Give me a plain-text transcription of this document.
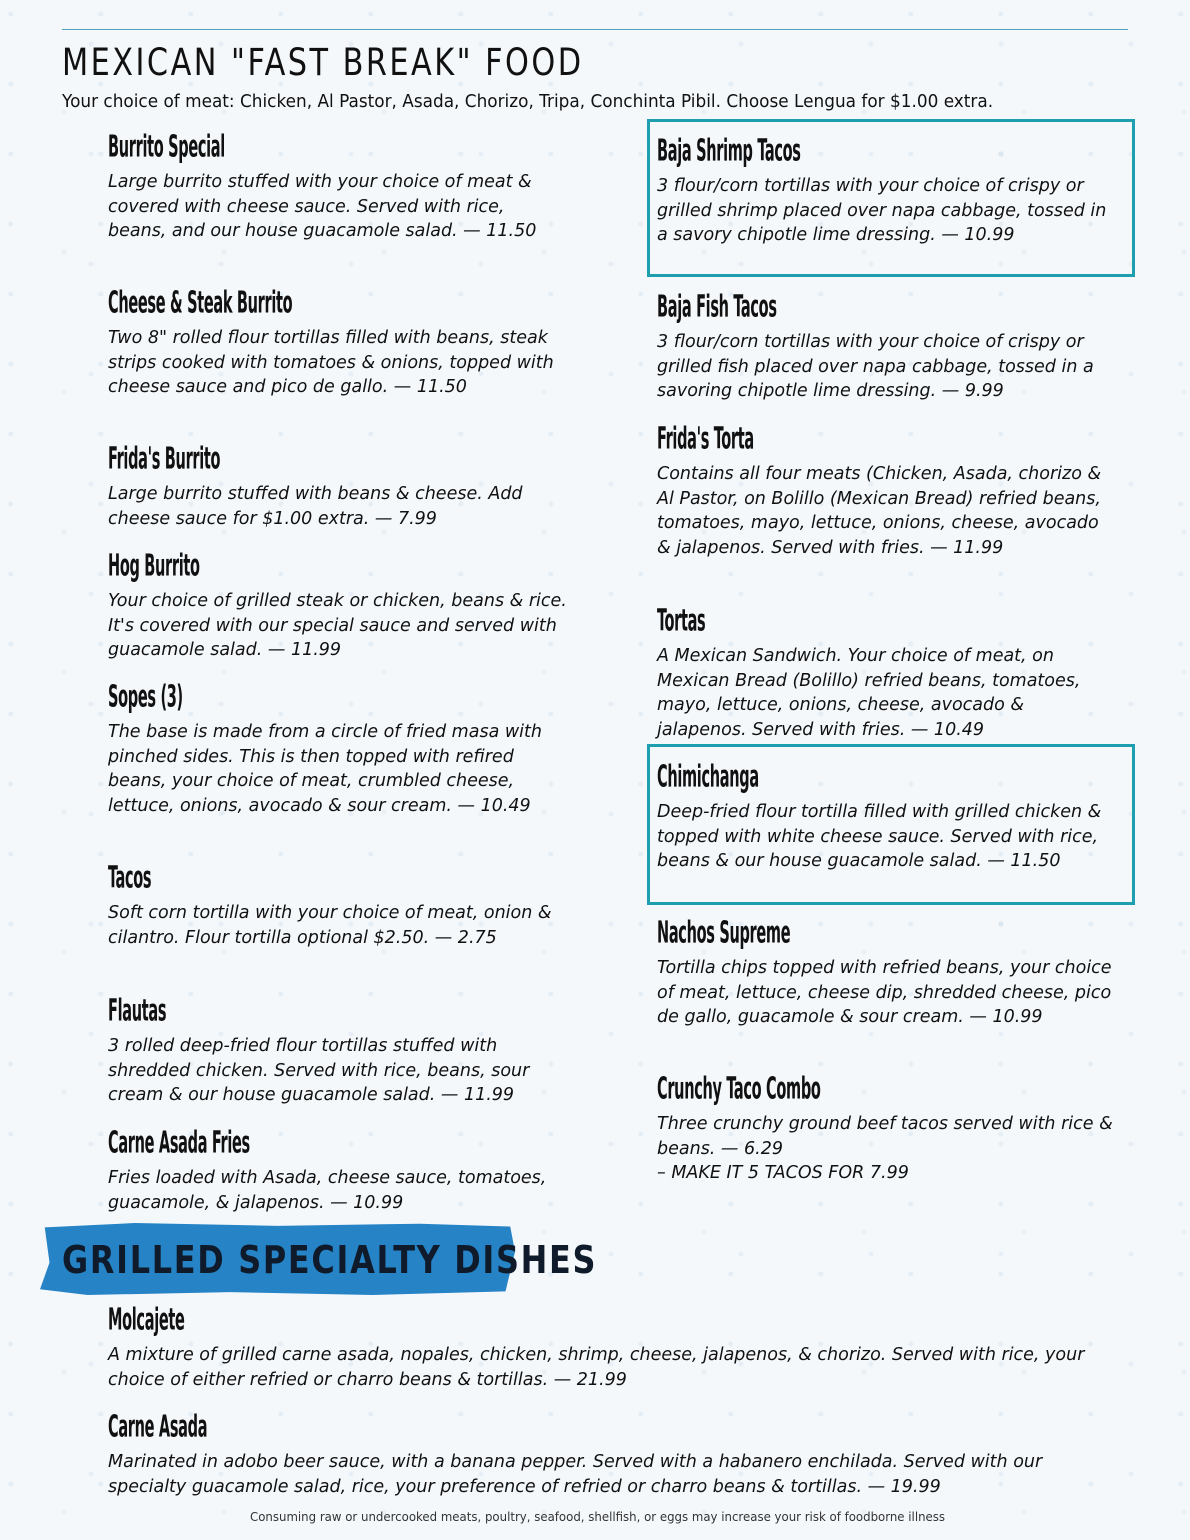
MEXICAN "FAST BREAK" FOOD

Your choice of meat: Chicken, Al Pastor, Asada, Chorizo, Tripa, Conchinta Pibil. Choose Lengua for $1.00 extra.

Burrito Special
Large burrito stuffed with your choice of meat & covered with cheese sauce. Served with rice, beans, and our house guacamole salad. — 11.50
Cheese & Steak Burrito
Two 8" rolled flour tortillas filled with beans, steak strips cooked with tomatoes & onions, topped with cheese sauce and pico de gallo. — 11.50
Frida's Burrito
Large burrito stuffed with beans & cheese. Add cheese sauce for $1.00 extra. — 7.99
Hog Burrito
Your choice of grilled steak or chicken, beans & rice. It's covered with our special sauce and served with guacamole salad. — 11.99
Sopes (3)
The base is made from a circle of fried masa with pinched sides. This is then topped with refired beans, your choice of meat, crumbled cheese, lettuce, onions, avocado & sour cream. — 10.49
Tacos
Soft corn tortilla with your choice of meat, onion & cilantro. Flour tortilla optional $2.50. — 2.75
Flautas
3 rolled deep-fried flour tortillas stuffed with shredded chicken. Served with rice, beans, sour cream & our house guacamole salad. — 11.99
Carne Asada Fries
Fries loaded with Asada, cheese sauce, tomatoes, guacamole, & jalapenos. — 10.99
Baja Shrimp Tacos
3 flour/corn tortillas with your choice of crispy or grilled shrimp placed over napa cabbage, tossed in a savory chipotle lime dressing. — 10.99
Baja Fish Tacos
3 flour/corn tortillas with your choice of crispy or grilled fish placed over napa cabbage, tossed in a savoring chipotle lime dressing. — 9.99
Frida's Torta
Contains all four meats (Chicken, Asada, chorizo & Al Pastor, on Bolillo (Mexican Bread) refried beans, tomatoes, mayo, lettuce, onions, cheese, avocado & jalapenos. Served with fries. — 11.99
Tortas
A Mexican Sandwich. Your choice of meat, on Mexican Bread (Bolillo) refried beans, tomatoes, mayo, lettuce, onions, cheese, avocado & jalapenos. Served with fries. — 10.49
Chimichanga
Deep-fried flour tortilla filled with grilled chicken & topped with white cheese sauce. Served with rice, beans & our house guacamole salad. — 11.50
Nachos Supreme
Tortilla chips topped with refried beans, your choice of meat, lettuce, cheese dip, shredded cheese, pico de gallo, guacamole & sour cream. — 10.99
Crunchy Taco Combo
Three crunchy ground beef tacos served with rice & beans. — 6.29
– MAKE IT 5 TACOS FOR 7.99
GRILLED SPECIALTY DISHES
Molcajete
A mixture of grilled carne asada, nopales, chicken, shrimp, cheese, jalapenos, & chorizo. Served with rice, your choice of either refried or charro beans & tortillas. — 21.99
Carne Asada
Marinated in adobo beer sauce, with a banana pepper. Served with a habanero enchilada. Served with our specialty guacamole salad, rice, your preference of refried or charro beans & tortillas. — 19.99

Consuming raw or undercooked meats, poultry, seafood, shellfish, or eggs may increase your risk of foodborne illness
